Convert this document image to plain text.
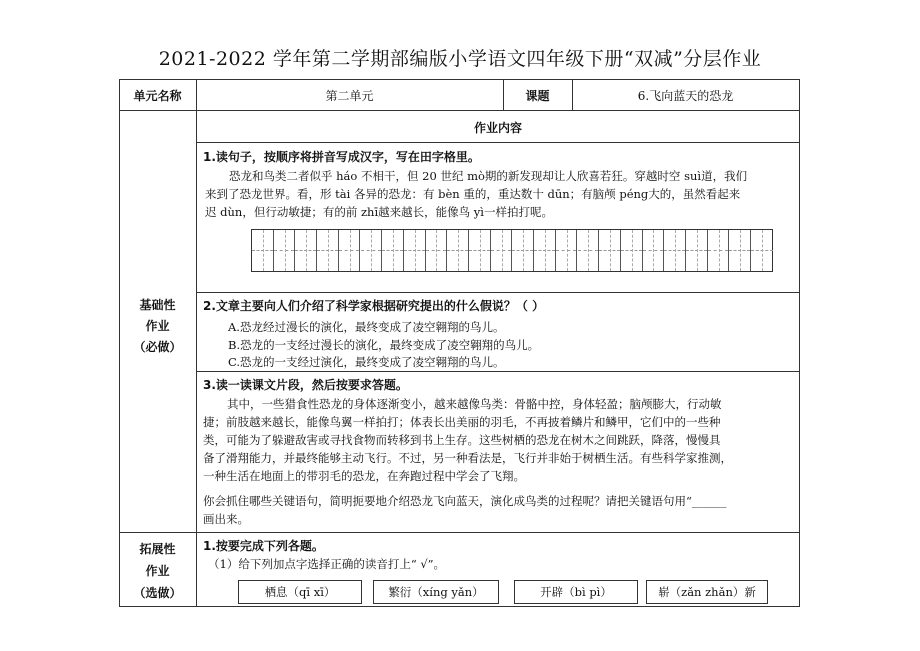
2021-2022 学年第二学期部编版小学语文四年级下册“双减”分层作业
单元名称	第二单元	课题	6.飞向蓝天的恐龙
作业内容
基础性
作业
（必做）
1.读句子，按顺序将拼音写成汉字，写在田字格里。
恐龙和鸟类二者似乎 háo 不相干，但 20 世纪 mò期的新发现却让人欣喜若狂。穿越时空 suì道，我们
来到了恐龙世界。看，形 tài 各异的恐龙：有 bèn 重的，重达数十 dūn；有脑颅 péng大的，虽然看起来
迟 dùn，但行动敏捷；有的前 zhī越来越长，能像鸟 yì一样拍打呢。
2.文章主要向人们介绍了科学家根据研究提出的什么假说？（ ）
A.恐龙经过漫长的演化，最终变成了凌空翱翔的鸟儿。
B.恐龙的一支经过漫长的演化，最终变成了凌空翱翔的鸟儿。
C.恐龙的一支经过演化，最终变成了凌空翱翔的鸟儿。
3.读一读课文片段，然后按要求答题。
其中，一些猎食性恐龙的身体逐渐变小，越来越像鸟类：骨骼中控，身体轻盈；脑颅膨大，行动敏
捷；前肢越来越长，能像鸟翼一样拍打；体表长出美丽的羽毛，不再披着鳞片和鳞甲，它们中的一些种
类，可能为了躲避敌害或寻找食物而转移到书上生存。这些树栖的恐龙在树木之间跳跃，降落，慢慢具
备了滑翔能力，并最终能够主动飞行。不过，另一种看法是，飞行并非始于树栖生活。有些科学家推测，
一种生活在地面上的带羽毛的恐龙，在奔跑过程中学会了飞翔。
你会抓住哪些关键语句，简明扼要地介绍恐龙飞向蓝天，演化成鸟类的过程呢？请把关键语句用“______
画出来。
拓展性
作业
（选做）
1.按要完成下列各题。
（1）给下列加点字选择正确的读音打上“ √”。
栖息（qī xī）	繁衍（xíng yǎn）	开辟（bì pì）	崭（zǎn zhǎn）新
